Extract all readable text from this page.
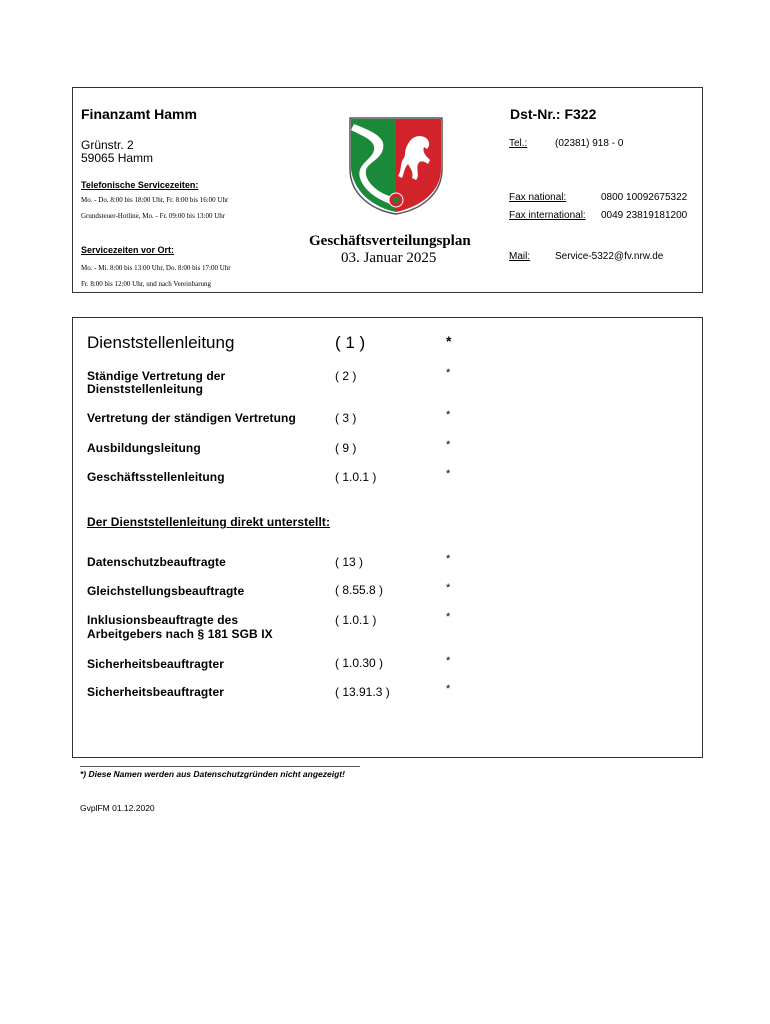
Finanzamt Hamm	Dst-Nr.: F322
Grünstr. 2
59065 Hamm
Telefonische Servicezeiten:
Mo. - Do. 8:00 bis 18:00 Uhr, Fr. 8:00 bis 16:00 Uhr
Grundsteuer-Hotline, Mo. - Fr. 09:00 bis 13:00 Uhr
Servicezeiten vor Ort:
Mo. - Mi. 8:00 bis 13:00 Uhr, Do. 8:00 bis 17:00 Uhr
Fr. 8:00 bis 12:00 Uhr, und nach Vereinbarung
Geschäftsverteilungsplan
03. Januar 2025
Tel.:	(02381) 918 - 0
Fax national:	0800 10092675322
Fax international: 0049 23819181200
Mail: Service-5322@fv.nrw.de
Dienststellenleitung	( 1 )	*
Ständige Vertretung der
Dienststellenleitung
( 2 )	*
Vertretung der ständigen Vertretung	( 3 )	*
Ausbildungsleitung	( 9 )	*
Geschäftsstellenleitung	( 1.0.1 )	*
Der Dienststellenleitung direkt unterstellt:
Datenschutzbeauftragte	( 13 )	*
Gleichstellungsbeauftragte	( 8.55.8 )	*
Inklusionsbeauftragte des
Arbeitgebers nach § 181 SGB IX
( 1.0.1 )	*
Sicherheitsbeauftragter	( 1.0.30 )	*
Sicherheitsbeauftragter	( 13.91.3 )	*
*) Diese Namen werden aus Datenschutzgründen nicht angezeigt!
GvplFM 01.12.2020
